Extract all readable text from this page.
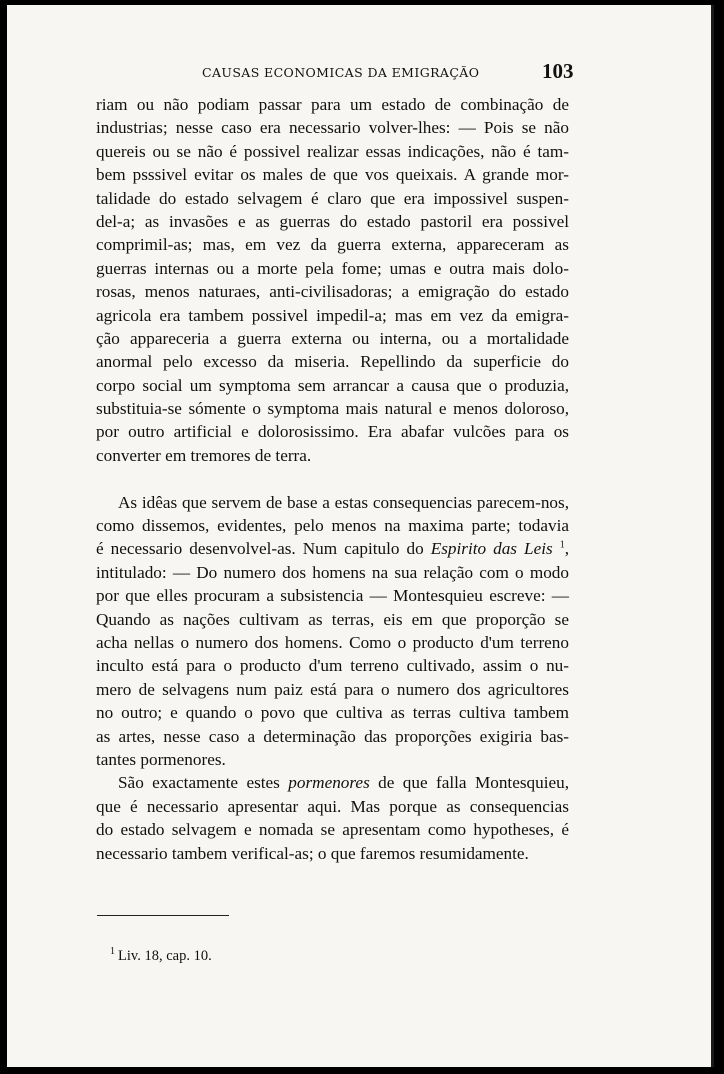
CAUSAS ECONOMICAS DA EMIGRAÇÃO	103
riam ou não podiam passar para um estado de combinação de
industrias; nesse caso era necessario volver-lhes: — Pois se não
quereis ou se não é possivel realizar essas indicações, não é tam-
bem psssivel evitar os males de que vos queixais. A grande mor-
talidade do estado selvagem é claro que era impossivel suspen-
del-a; as invasões e as guerras do estado pastoril era possivel
comprimil-as; mas, em vez da guerra externa, appareceram as
guerras internas ou a morte pela fome; umas e outra mais dolo-
rosas, menos naturaes, anti-civilisadoras; a emigração do estado
agricola era tambem possivel impedil-a; mas em vez da emigra-
ção appareceria a guerra externa ou interna, ou a mortalidade
anormal pelo excesso da miseria. Repellindo da superficie do
corpo social um symptoma sem arrancar a causa que o produzia,
substituia-se sómente o symptoma mais natural e menos doloroso,
por outro artificial e dolorosissimo. Era abafar vulcões para os
converter em tremores de terra.
As idêas que servem de base a estas consequencias parecem-nos,
como dissemos, evidentes, pelo menos na maxima parte; todavia
é necessario desenvolvel-as. Num capitulo do Espirito das Leis $^1$,
intitulado: — Do numero dos homens na sua relação com o modo
por que elles procuram a subsistencia — Montesquieu escreve: —
Quando as nações cultivam as terras, eis em que proporção se
acha nellas o numero dos homens. Como o producto d'um terreno
inculto está para o producto d'um terreno cultivado, assim o nu-
mero de selvagens num paiz está para o numero dos agricultores
no outro; e quando o povo que cultiva as terras cultiva tambem
as artes, nesse caso a determinação das proporções exigiria bas-
tantes pormenores.
São exactamente estes pormenores de que falla Montesquieu,
que é necessario apresentar aqui. Mas porque as consequencias
do estado selvagem e nomada se apresentam como hypotheses, é
necessario tambem verifical-as; o que faremos resumidamente.
$^1$ Liv. 18, cap. 10.
